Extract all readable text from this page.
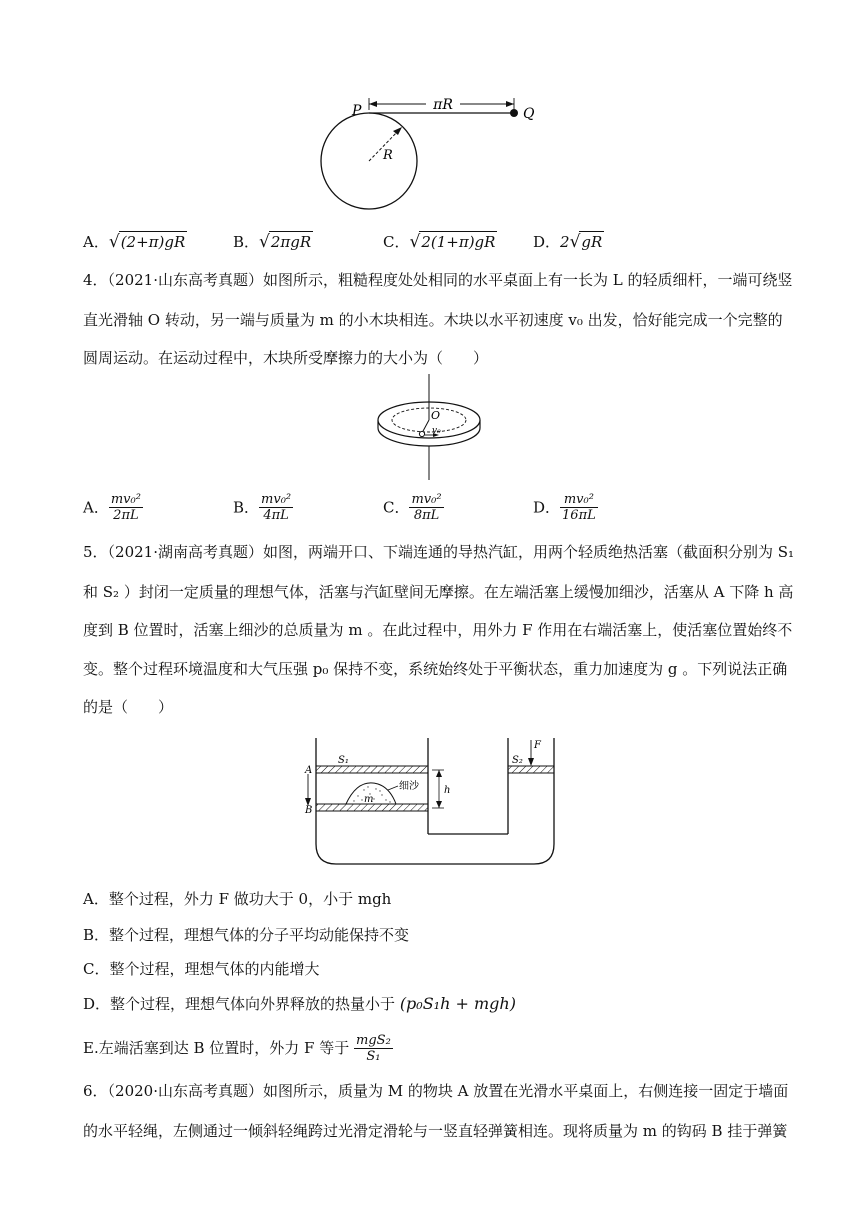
πR
P	Q
R
A．√(2+π)gR	B．√2πgR	C．√2(1+π)gR	D．2√gR
4．（2021·山东高考真题）如图所示，粗糙程度处处相同的水平桌面上有一长为 L 的轻质细杆，一端可绕竖
直光滑轴 O 转动，另一端与质量为 m 的小木块相连。木块以水平初速度 v₀ 出发，恰好能完成一个完整的
圆周运动。在运动过程中，木块所受摩擦力的大小为（　　）
O
v₀
A． $\frac{\text{mv₀²}}{2\pi L}$	B． $\frac{\text{mv₀²}}{4\pi L}$	C． $\frac{\text{mv₀²}}{8\pi L}$	D． $\frac{\text{mv₀²}}{16\pi L}$
5．（2021·湖南高考真题）如图，两端开口、下端连通的导热汽缸，用两个轻质绝热活塞（截面积分别为 S₁
和 S₂ ）封闭一定质量的理想气体，活塞与汽缸壁间无摩擦。在左端活塞上缓慢加细沙，活塞从 A 下降 h 高
度到 B 位置时，活塞上细沙的总质量为 m 。在此过程中，用外力 F 作用在右端活塞上，使活塞位置始终不
变。整个过程环境温度和大气压强 p₀ 保持不变，系统始终处于平衡状态，重力加速度为 g 。下列说法正确
的是（　　）
S₁	S₂
F
A
B
h
m
细沙
A．整个过程，外力 F 做功大于 0，小于 mgh
B．整个过程，理想气体的分子平均动能保持不变
C．整个过程，理想气体的内能增大
D．整个过程，理想气体向外界释放的热量小于 (p₀S₁h + mgh)
E.左端活塞到达 B 位置时，外力 F 等于 $\frac{\text{mgS₂}}{\text{S₁}}$
6．（2020·山东高考真题）如图所示，质量为 M 的物块 A 放置在光滑水平桌面上，右侧连接一固定于墙面
的水平轻绳，左侧通过一倾斜轻绳跨过光滑定滑轮与一竖直轻弹簧相连。现将质量为 m 的钩码 B 挂于弹簧
